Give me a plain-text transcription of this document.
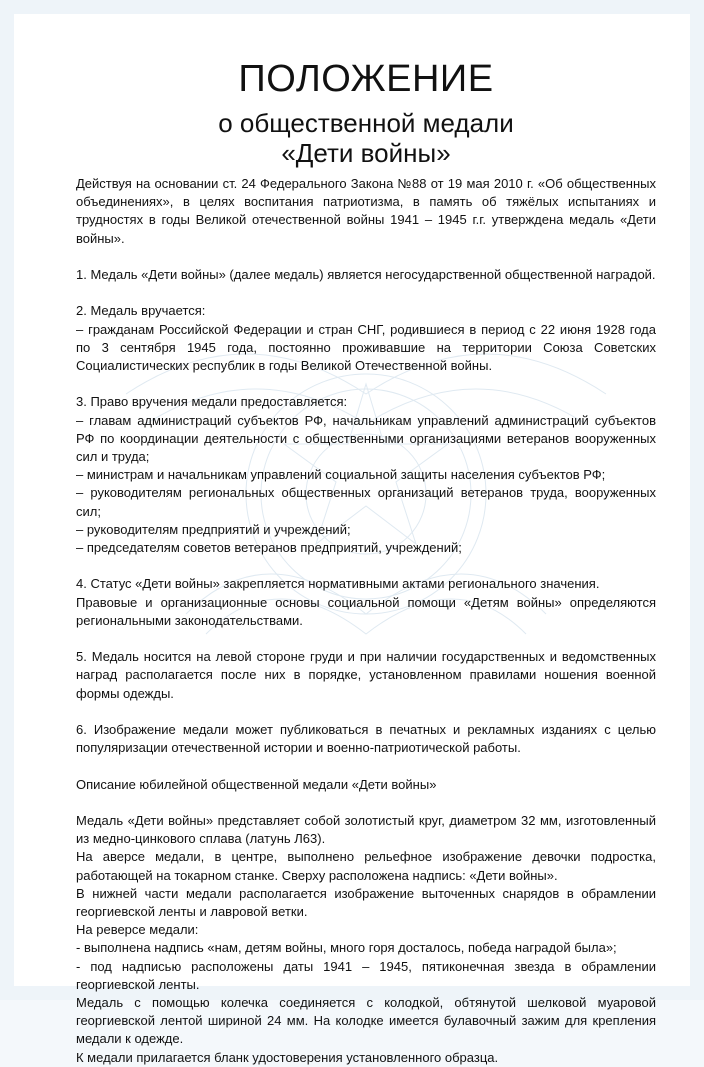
ПОЛОЖЕНИЕ
о общественной медали
«Дети войны»

Действуя на основании ст. 24 Федерального Закона №88 от 19 мая 2010 г. «Об общественных объединениях», в целях воспитания патриотизма, в память об тяжёлых испытаниях и трудностях в годы Великой отечественной войны 1941 – 1945 г.г. утверждена медаль «Дети войны».

1. Медаль «Дети войны» (далее медаль) является негосударственной общественной наградой.

2. Медаль вручается:
– гражданам Российской Федерации и стран СНГ, родившиеся в период с 22 июня 1928 года по 3 сентября 1945 года, постоянно проживавшие на территории Союза Советских Социалистических республик в годы Великой Отечественной войны.
3. Право вручения медали предоставляется:
– главам администраций субъектов РФ, начальникам управлений администраций субъектов РФ по координации деятельности с общественными организациями ветеранов вооруженных сил и труда;
– министрам и начальникам управлений социальной защиты населения субъектов РФ;
– руководителям региональных общественных организаций ветеранов труда, вооруженных сил;
– руководителям предприятий и учреждений;
– председателям советов ветеранов предприятий, учреждений;
4. Статус «Дети войны» закрепляется нормативными актами регионального значения.
Правовые и организационные основы социальной помощи «Детям войны» определяются региональными законодательствами.

5. Медаль носится на левой стороне груди и при наличии государственных и ведомственных наград располагается после них в порядке, установленном правилами ношения военной формы одежды.

6. Изображение медали может публиковаться в печатных и рекламных изданиях с целью популяризации отечественной истории и военно-патриотической работы.

Описание юбилейной общественной медали «Дети войны»

Медаль «Дети войны» представляет собой золотистый круг, диаметром 32 мм, изготовленный из медно-цинкового сплава (латунь Л63).
На аверсе медали, в центре, выполнено рельефное изображение девочки подростка, работающей на токарном станке. Сверху расположена надпись: «Дети войны».
В нижней части медали располагается изображение выточенных снарядов в обрамлении георгиевской ленты и лавровой ветки.
На реверсе медали:
- выполнена надпись «нам, детям войны, много горя досталось, победа наградой была»;
- под надписью расположены даты 1941 – 1945, пятиконечная звезда в обрамлении георгиевской ленты.
Медаль с помощью колечка соединяется с колодкой, обтянутой шелковой муаровой георгиевской лентой шириной 24 мм. На колодке имеется булавочный зажим для крепления медали к одежде.
К медали прилагается бланк удостоверения установленного образца.
